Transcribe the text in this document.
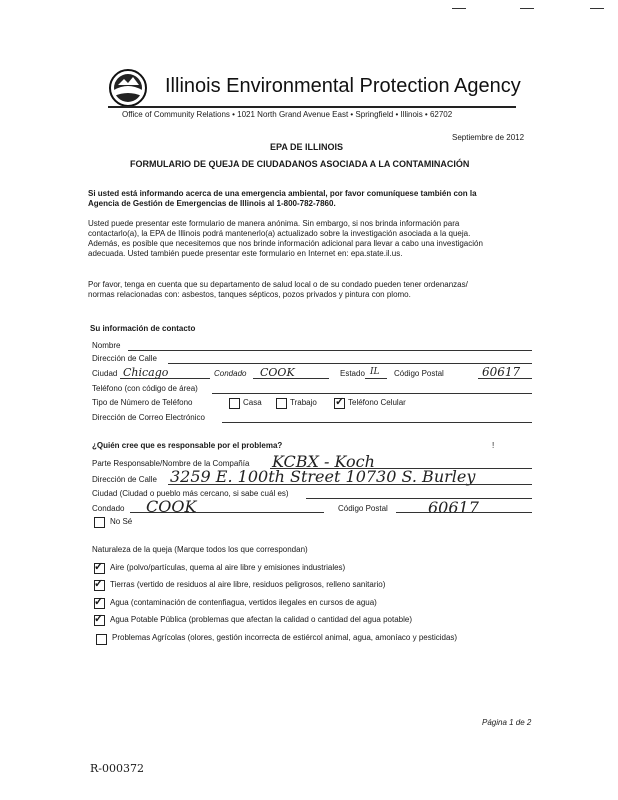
Illinois Environmental Protection Agency
Office of Community Relations • 1021 North Grand Avenue East • Springfield • Illinois • 62702
Septiembre de 2012
EPA DE ILLINOIS
FORMULARIO DE QUEJA DE CIUDADANOS ASOCIADA A LA CONTAMINACIÓN
Si usted está informando acerca de una emergencia ambiental, por favor comuníquese también con la
Agencia de Gestión de Emergencias de Illinois al 1-800-782-7860.
Usted puede presentar este formulario de manera anónima. Sin embargo, si nos brinda información para
contactarlo(a), la EPA de Illinois podrá mantenerlo(a) actualizado sobre la investigación asociada a la queja.
Además, es posible que necesitemos que nos brinde información adicional para llevar a cabo una investigación
adecuada. Usted también puede presentar este formulario en Internet en: epa.state.il.us.
Por favor, tenga en cuenta que su departamento de salud local o de su condado pueden tener ordenanzas/
normas relacionadas con: asbestos, tanques sépticos, pozos privados y pintura con plomo.
Su información de contacto
Nombre
Dirección de Calle
Ciudad Chicago	Condado COOK	Estado IL Código Postal	60617
Teléfono (con código de área)
Tipo de Número de Teléfono	Casa	Trabajo ✓ Teléfono Celular
Dirección de Correo Electrónico
¿Quién cree que es responsable por el problema?	!
Parte Responsable/Nombre de la Compañía KCBX - Koch
Dirección de Calle 3259 E. 100th Street 10730 S. Burley
Ciudad (Ciudad o pueblo más cercano, si sabe cuál es)
Condado COOK	Código Postal	60617
No Sé
Naturaleza de la queja (Marque todos los que correspondan)
✓ Aire (polvo/partículas, quema al aire libre y emisiones industriales)
✓ Tierras (vertido de residuos al aire libre, residuos peligrosos, relleno sanitario)
✓ Agua (contaminación de contenfiagua, vertidos ilegales en cursos de agua)
✓ Agua Potable Pública (problemas que afectan la calidad o cantidad del agua potable)
Problemas Agrícolas (olores, gestión incorrecta de estiércol animal, agua, amoníaco y pesticidas)
Página 1 de 2
R-000372
